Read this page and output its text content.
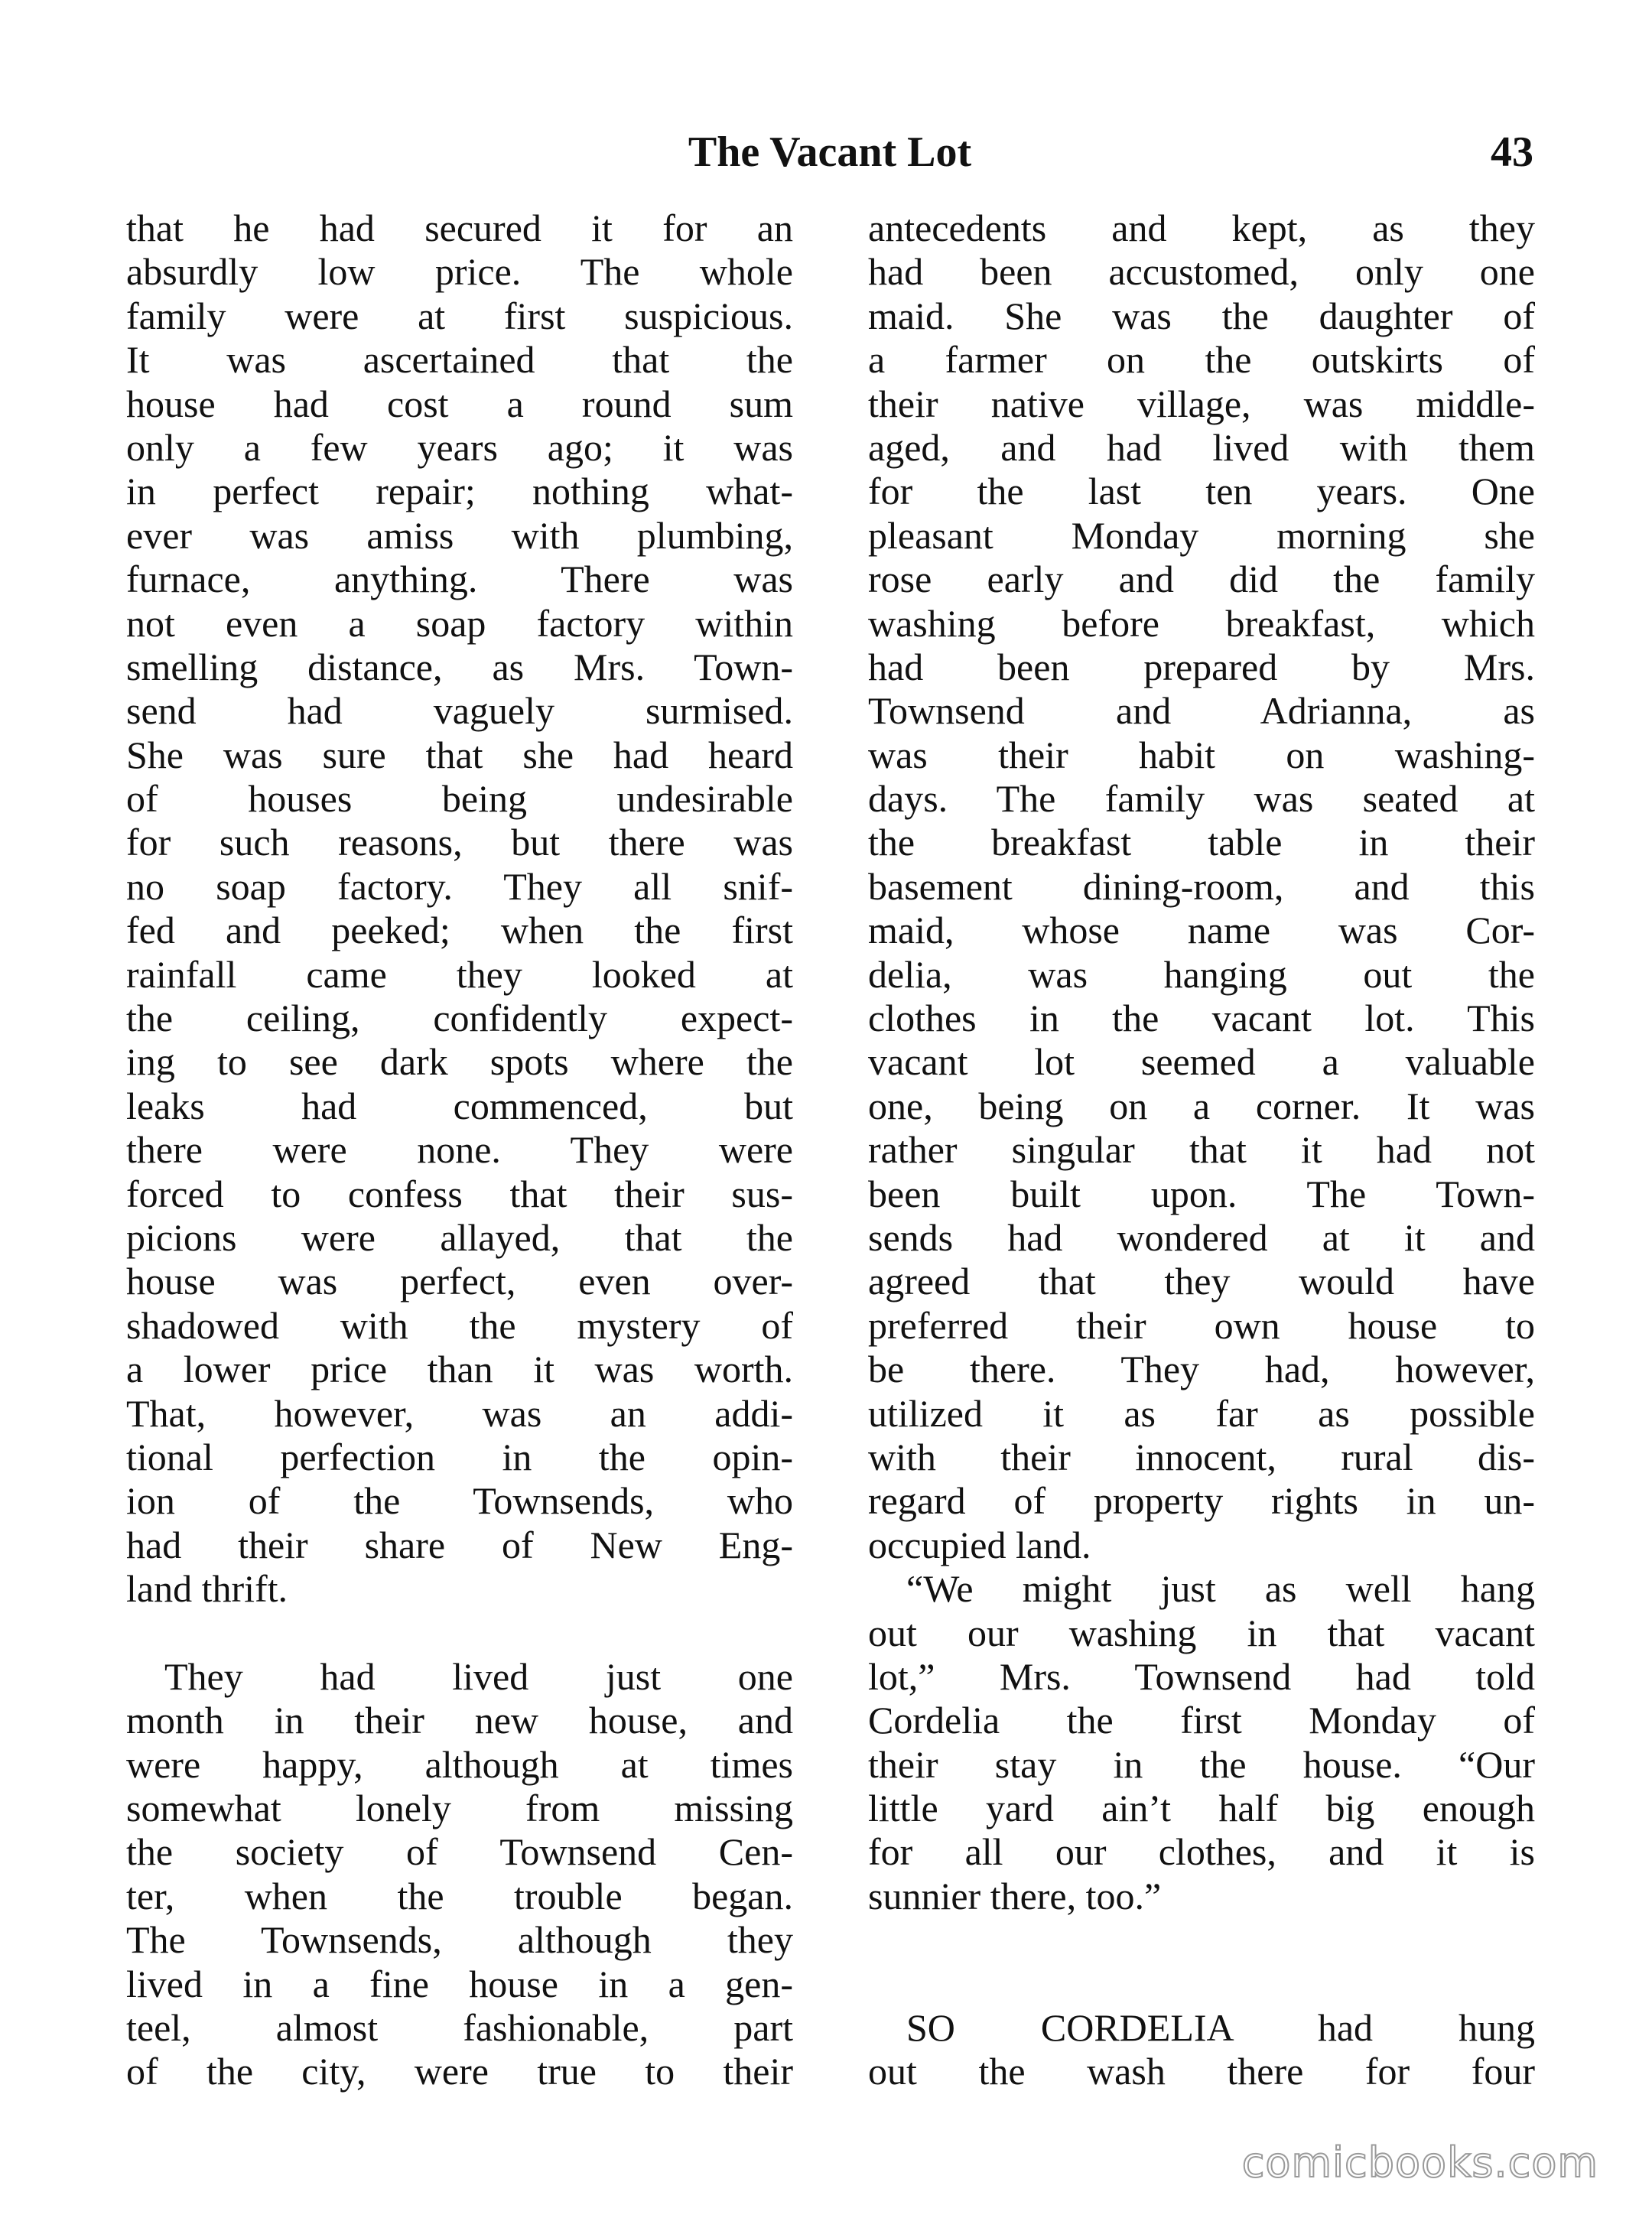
The Vacant Lot	43
that he had secured it for an
absurdly low price. The whole
family were at first suspicious.
It was ascertained that the
house had cost a round sum
only a few years ago; it was
in perfect repair; nothing what-
ever was amiss with plumbing,
furnace, anything. There was
not even a soap factory within
smelling distance, as Mrs. Town-
send had vaguely surmised.
She was sure that she had heard
of houses being undesirable
for such reasons, but there was
no soap factory. They all snif-
fed and peeked; when the first
rainfall came they looked at
the ceiling, confidently expect-
ing to see dark spots where the
leaks had commenced, but
there were none. They were
forced to confess that their sus-
picions were allayed, that the
house was perfect, even over-
shadowed with the mystery of
a lower price than it was worth.
That, however, was an addi-
tional perfection in the opin-
ion of the Townsends, who
had their share of New Eng-
land thrift.
They had lived just one
month in their new house, and
were happy, although at times
somewhat lonely from missing
the society of Townsend Cen-
ter, when the trouble began.
The Townsends, although they
lived in a fine house in a gen-
teel, almost fashionable, part
of the city, were true to their
antecedents and kept, as they
had been accustomed, only one
maid. She was the daughter of
a farmer on the outskirts of
their native village, was middle-
aged, and had lived with them
for the last ten years. One
pleasant Monday morning she
rose early and did the family
washing before breakfast, which
had been prepared by Mrs.
Townsend and Adrianna, as
was their habit on washing-
days. The family was seated at
the breakfast table in their
basement dining-room, and this
maid, whose name was Cor-
delia, was hanging out the
clothes in the vacant lot. This
vacant lot seemed a valuable
one, being on a corner. It was
rather singular that it had not
been built upon. The Town-
sends had wondered at it and
agreed that they would have
preferred their own house to
be there. They had, however,
utilized it as far as possible
with their innocent, rural dis-
regard of property rights in un-
occupied land.
“We might just as well hang
out our washing in that vacant
lot,” Mrs. Townsend had told
Cordelia the first Monday of
their stay in the house. “Our
little yard ain’t half big enough
for all our clothes, and it is
sunnier there, too.”
SO CORDELIA had hung
out the wash there for four
comicbooks.com
